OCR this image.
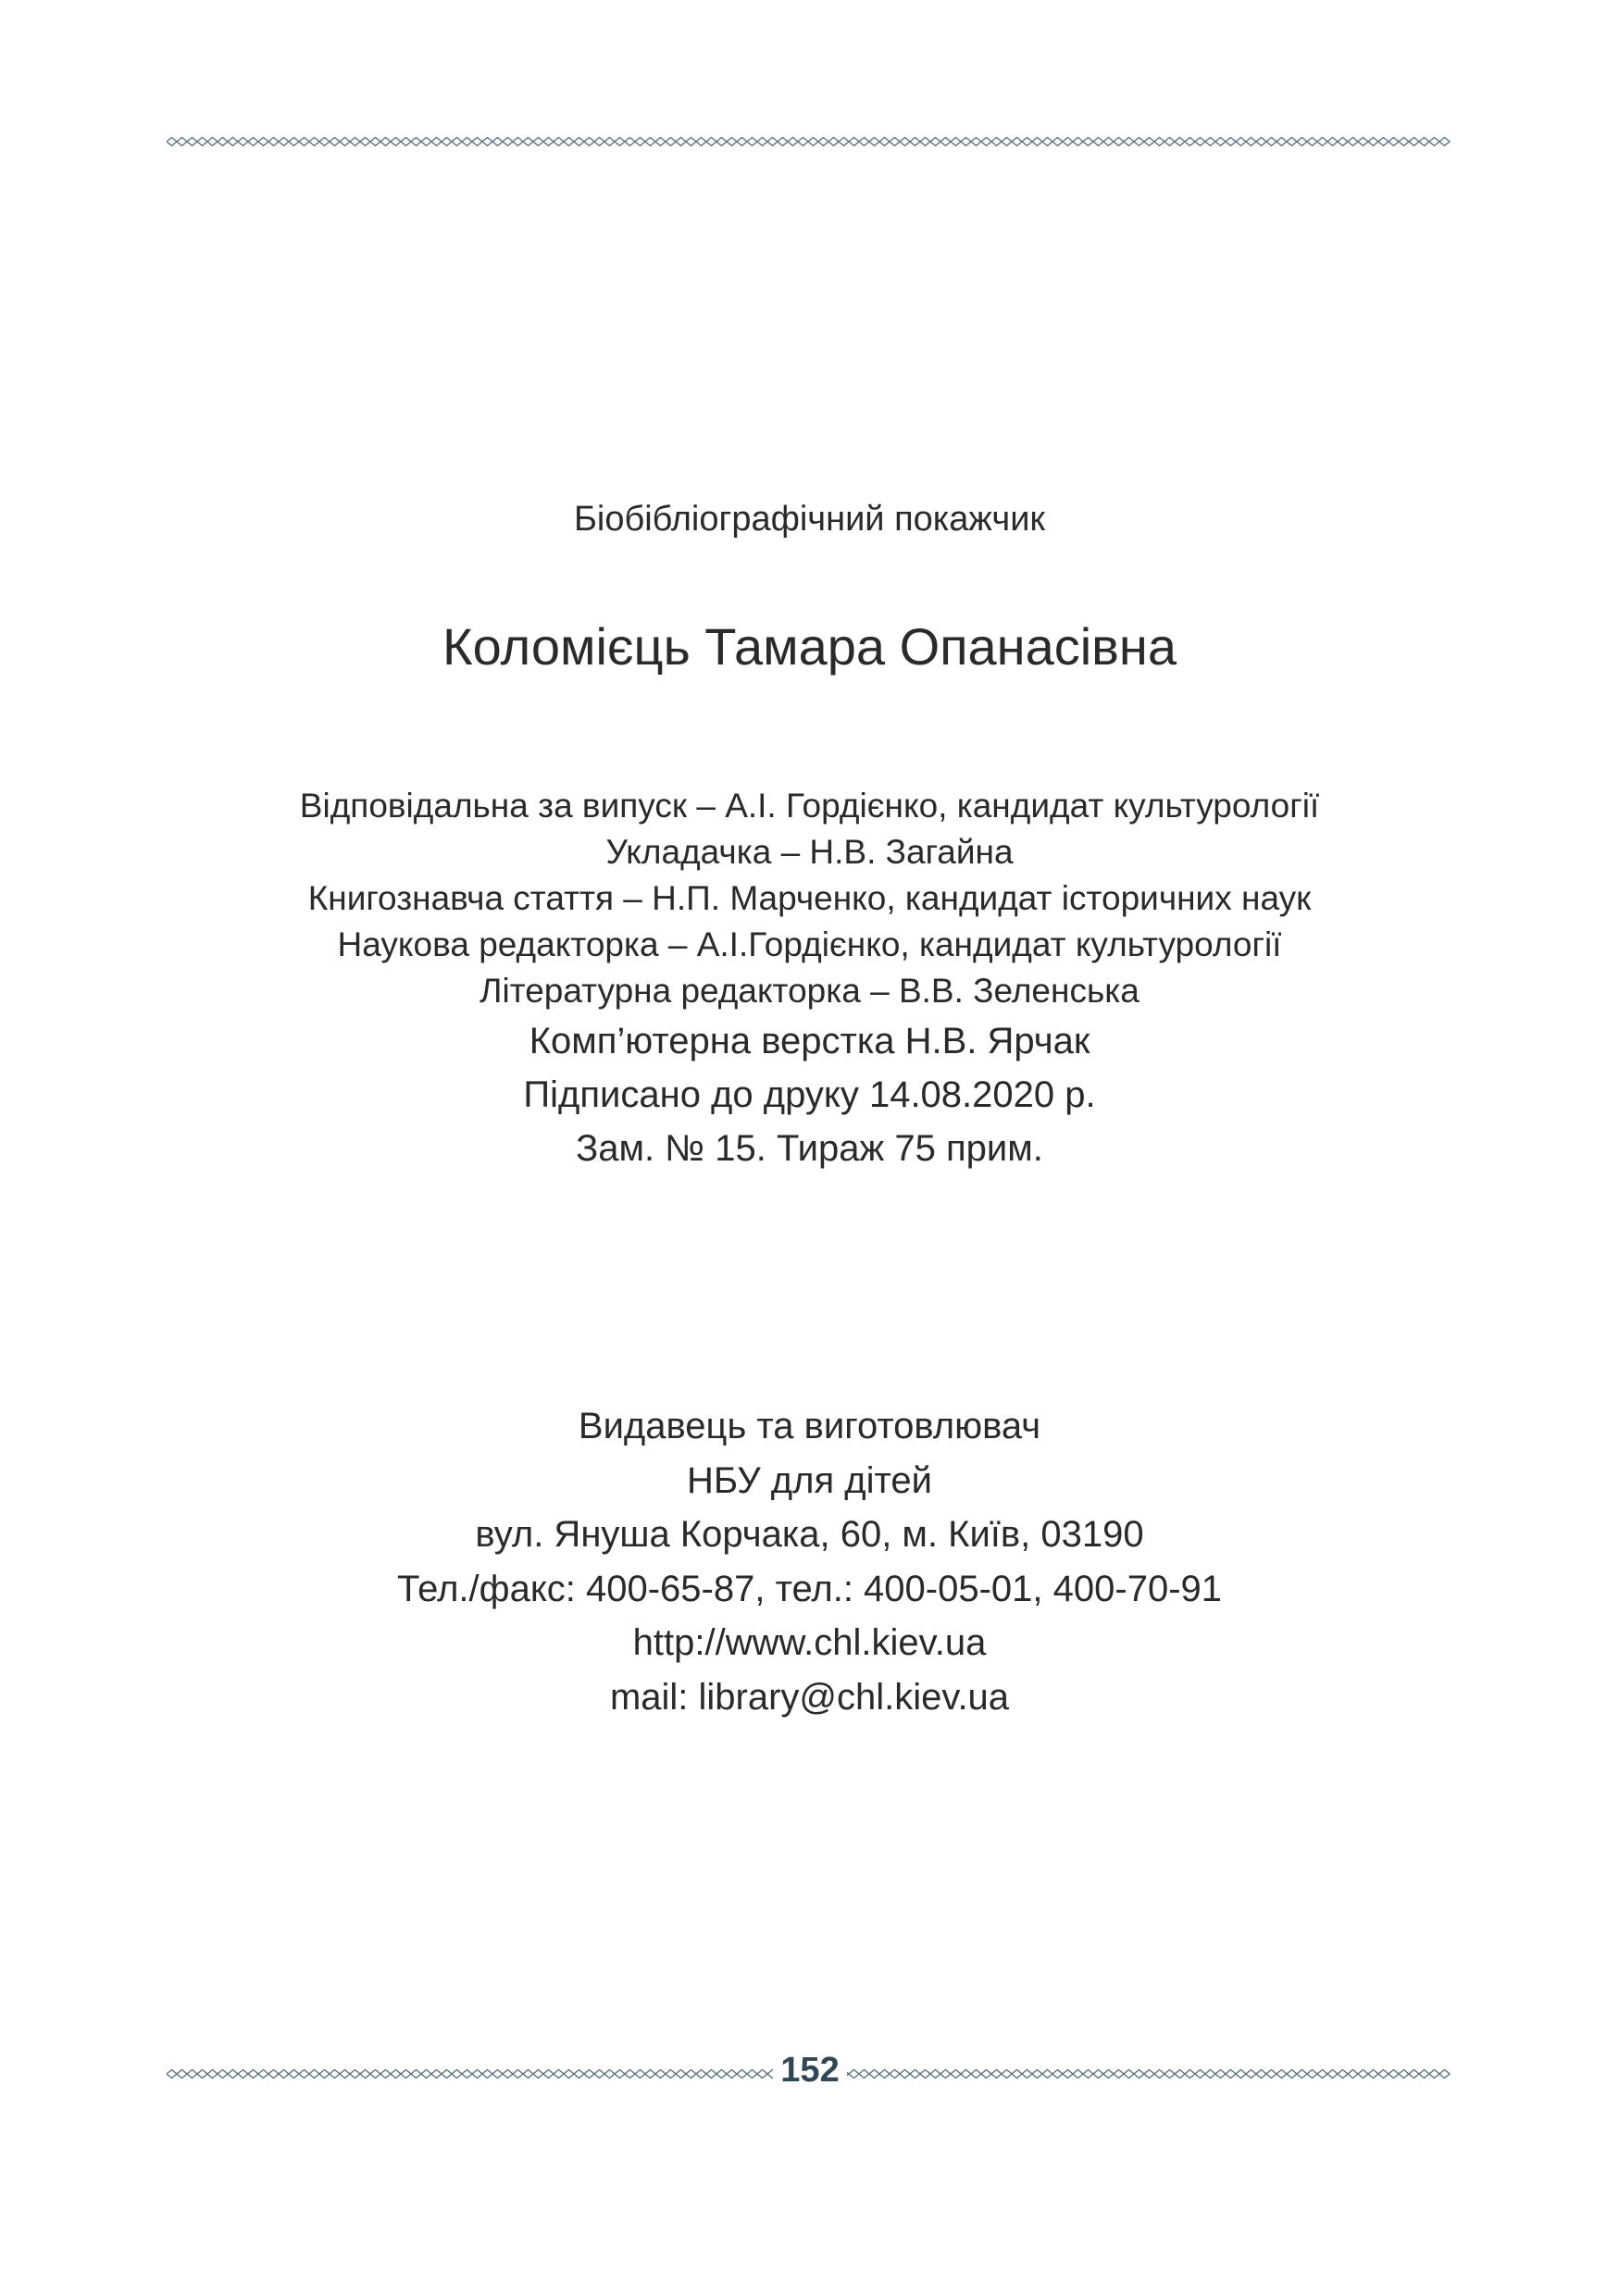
Біобібліографічний покажчик
Коломієць Тамара Опанасівна
Відповідальна за випуск – А.І. Гордієнко, кандидат культурології
Укладачка – Н.В. Загайна
Книгознавча стаття – Н.П. Марченко, кандидат історичних наук
Наукова редакторка – А.І.Гордієнко, кандидат культурології
Літературна редакторка – В.В. Зеленська
Комп’ютерна верстка Н.В. Ярчак
Підписано до друку 14.08.2020 р.
Зам. № 15. Тираж 75 прим.
Видавець та виготовлювач
НБУ для дітей
вул. Януша Корчака, 60, м. Київ, 03190
Тел./факс: 400-65-87, тел.: 400-05-01, 400-70-91
http://www.chl.kiev.ua
mail: library@chl.kiev.ua
152
